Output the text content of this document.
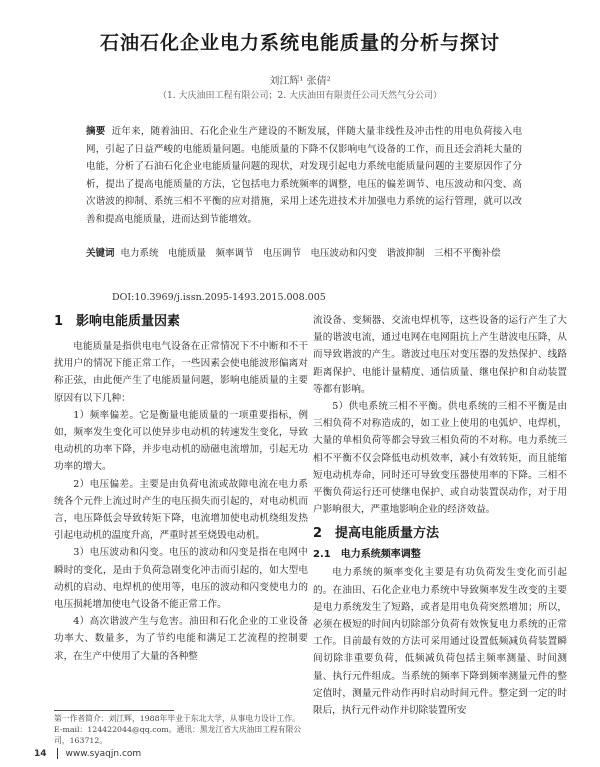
石油石化企业电力系统电能质量的分析与探讨
刘江辉¹ 张倩²
（1. 大庆油田工程有限公司；2. 大庆油田有限责任公司天然气分公司）
摘要 近年来，随着油田、石化企业生产建设的不断发展，伴随大量非线性及冲击性的用电负荷接入电网，引起了日益严峻的电能质量问题。电能质量的下降不仅影响电气设备的工作，而且还会消耗大量的电能，分析了石油石化企业电能质量问题的现状，对发现引起电力系统电能质量问题的主要原因作了分析，提出了提高电能质量的方法，它包括电力系统频率的调整，电压的偏差调节、电压波动和闪变、高次谐波的抑制、系统三相不平衡的应对措施，采用上述先进技术并加强电力系统的运行管理，就可以改善和提高电能质量，进而达到节能增效。
关键词 电力系统　电能质量　频率调节　电压调节　电压波动和闪变　谐波抑制　三相不平衡补偿
DOI:10.3969/j.issn.2095-1493.2015.008.005

1　影响电能质量因素

电能质量是指供电电气设备在正常情况下不中断和不干扰用户的情况下能正常工作，一些因素会使电能波形偏离对称正弦，由此便产生了电能质量问题，影响电能质量的主要原因有以下几种：

1）频率偏差。它是衡量电能质量的一项重要指标，例如，频率发生变化可以使异步电动机的转速发生变化，导致电动机的功率下降，并步电动机的励磁电流增加，引起无功功率的增大。

2）电压偏差。主要是由负荷电流或故障电流在电力系统各个元件上流过时产生的电压损失而引起的，对电动机而言，电压降低会导致转矩下降，电流增加使电动机绕组发热引起电动机的温度升高，严重时甚至烧毁电动机。

3）电压波动和闪变。电压的波动和闪变是指在电网中瞬时的变化，是由于负荷急剧变化冲击而引起的，如大型电动机的启动、电焊机的使用等，电压的波动和闪变使电力的电压损耗增加使电气设备不能正常工作。

4）高次谐波产生与危害。油田和石化企业的工业设备功率大、数量多，为了节约电能和满足工艺流程的控制要求，在生产中使用了大量的各种整

流设备、变频器、交流电焊机等，这些设备的运行产生了大量的谐波电流，通过电网在电网阻抗上产生谐波电压降，从而导致谐波的产生。谐波过电压对变压器的发热保护、线路距离保护、电能计量精度、通信质量、继电保护和自动装置等都有影响。

5）供电系统三相不平衡。供电系统的三相不平衡是由三相负荷不对称造成的，如工业上使用的电弧炉、电焊机，大量的单相负荷等都会导致三相负荷的不对称。电力系统三相不平衡不仅会降低电动机效率，减小有效转矩，而且能缩短电动机寿命，同时还可导致变压器使用率的下降。三相不平衡负荷运行还可使继电保护、或自动装置误动作，对于用户影响很大，严重地影响企业的经济效益。

2　提高电能质量方法

2.1　电力系统频率调整

电力系统的频率变化主要是有功负荷发生变化而引起的。在油田、石化企业电力系统中导致频率发生改变的主要是电力系统发生了短路，或者是用电负荷突然增加；所以，必须在极短的时间内切除部分负荷有效恢复电力系统的正常工作。目前最有效的方法可采用通过设置低频减负荷装置瞬间切除非重要负荷，低频减负荷包括主频率测量、时间测量、执行元件组成。当系统的频率下降到频率测量元件的整定值时，测量元件动作再时启动时间元件。整定到一定的时限后，执行元件动作并切除装置所安

第一作者简介：刘江辉，1988年毕业于东北大学，从事电力设计工作。E-mail：124422044@qq.com。通讯：黑龙江省大庆油田工程有限公司，163712。
14 www.syaqjn.com
